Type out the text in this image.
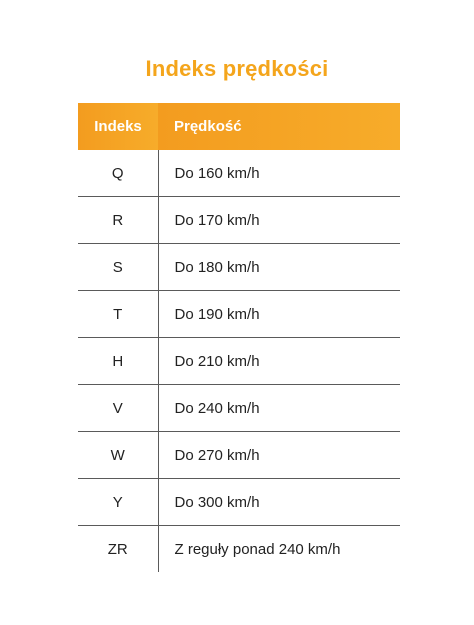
Indeks prędkości
Indeks	Prędkość
Q	Do 160 km/h
R	Do 170 km/h
S	Do 180 km/h
T	Do 190 km/h
H	Do 210 km/h
V	Do 240 km/h
W	Do 270 km/h
Y	Do 300 km/h
ZR	Z reguły ponad 240 km/h
